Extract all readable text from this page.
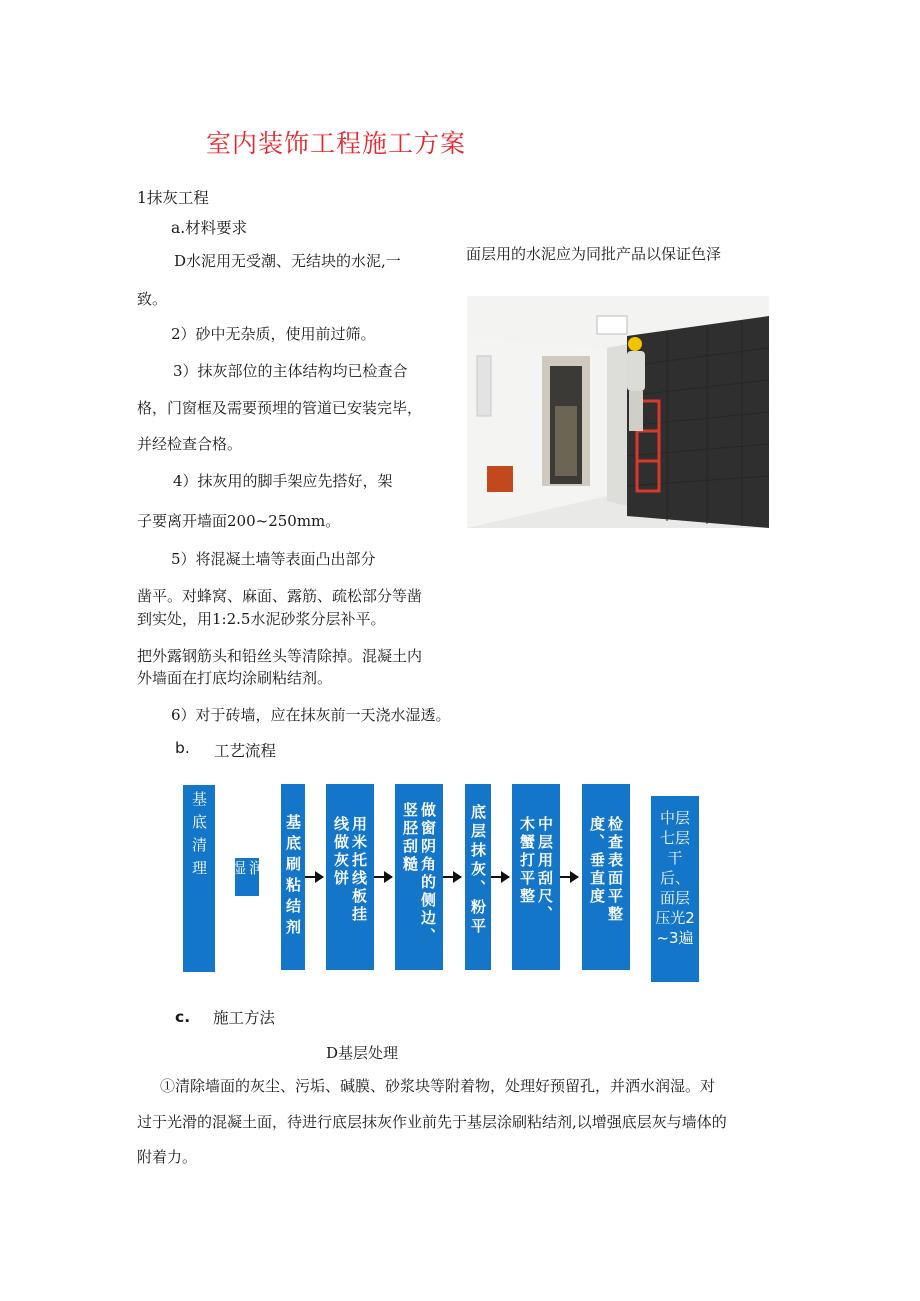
室内装饰工程施工方案
1抹灰工程
a.材料要求
D水泥用无受潮、无结块的水泥,一	面层用的水泥应为同批产品以保证色泽
致。
2）砂中无杂质，使用前过筛。
3）抹灰部位的主体结构均已检查合
格，门窗框及需要预埋的管道已安装完毕，
并经检查合格。
4）抹灰用的脚手架应先搭好，架
子要离开墙面200~250mm。
5）将混凝土墙等表面凸出部分
凿平。对蜂窝、麻面、露筋、疏松部分等凿
到实处，用1:2.5水泥砂浆分层补平。
把外露钢筋头和铅丝头等清除掉。混凝土内
外墙面在打底均涂刷粘结剂。
6）对于砖墙，应在抹灰前一天浇水湿透。
b. 工艺流程
基底清理	润湿	基底刷粘结剂	用米托线板挂线做灰饼	做窗阴角的侧边、竖胫刮糙	底层抹灰、粉平	中层用刮尺、木蟹打平整	检查表面平整度、垂直度	中层七层干后、面层压光2~3遍
c. 施工方法
D基层处理
①清除墙面的灰尘、污垢、碱膜、砂浆块等附着物，处理好预留孔，并洒水润湿。对
过于光滑的混凝土面，待进行底层抹灰作业前先于基层涂刷粘结剂,以增强底层灰与墙体的
附着力。
